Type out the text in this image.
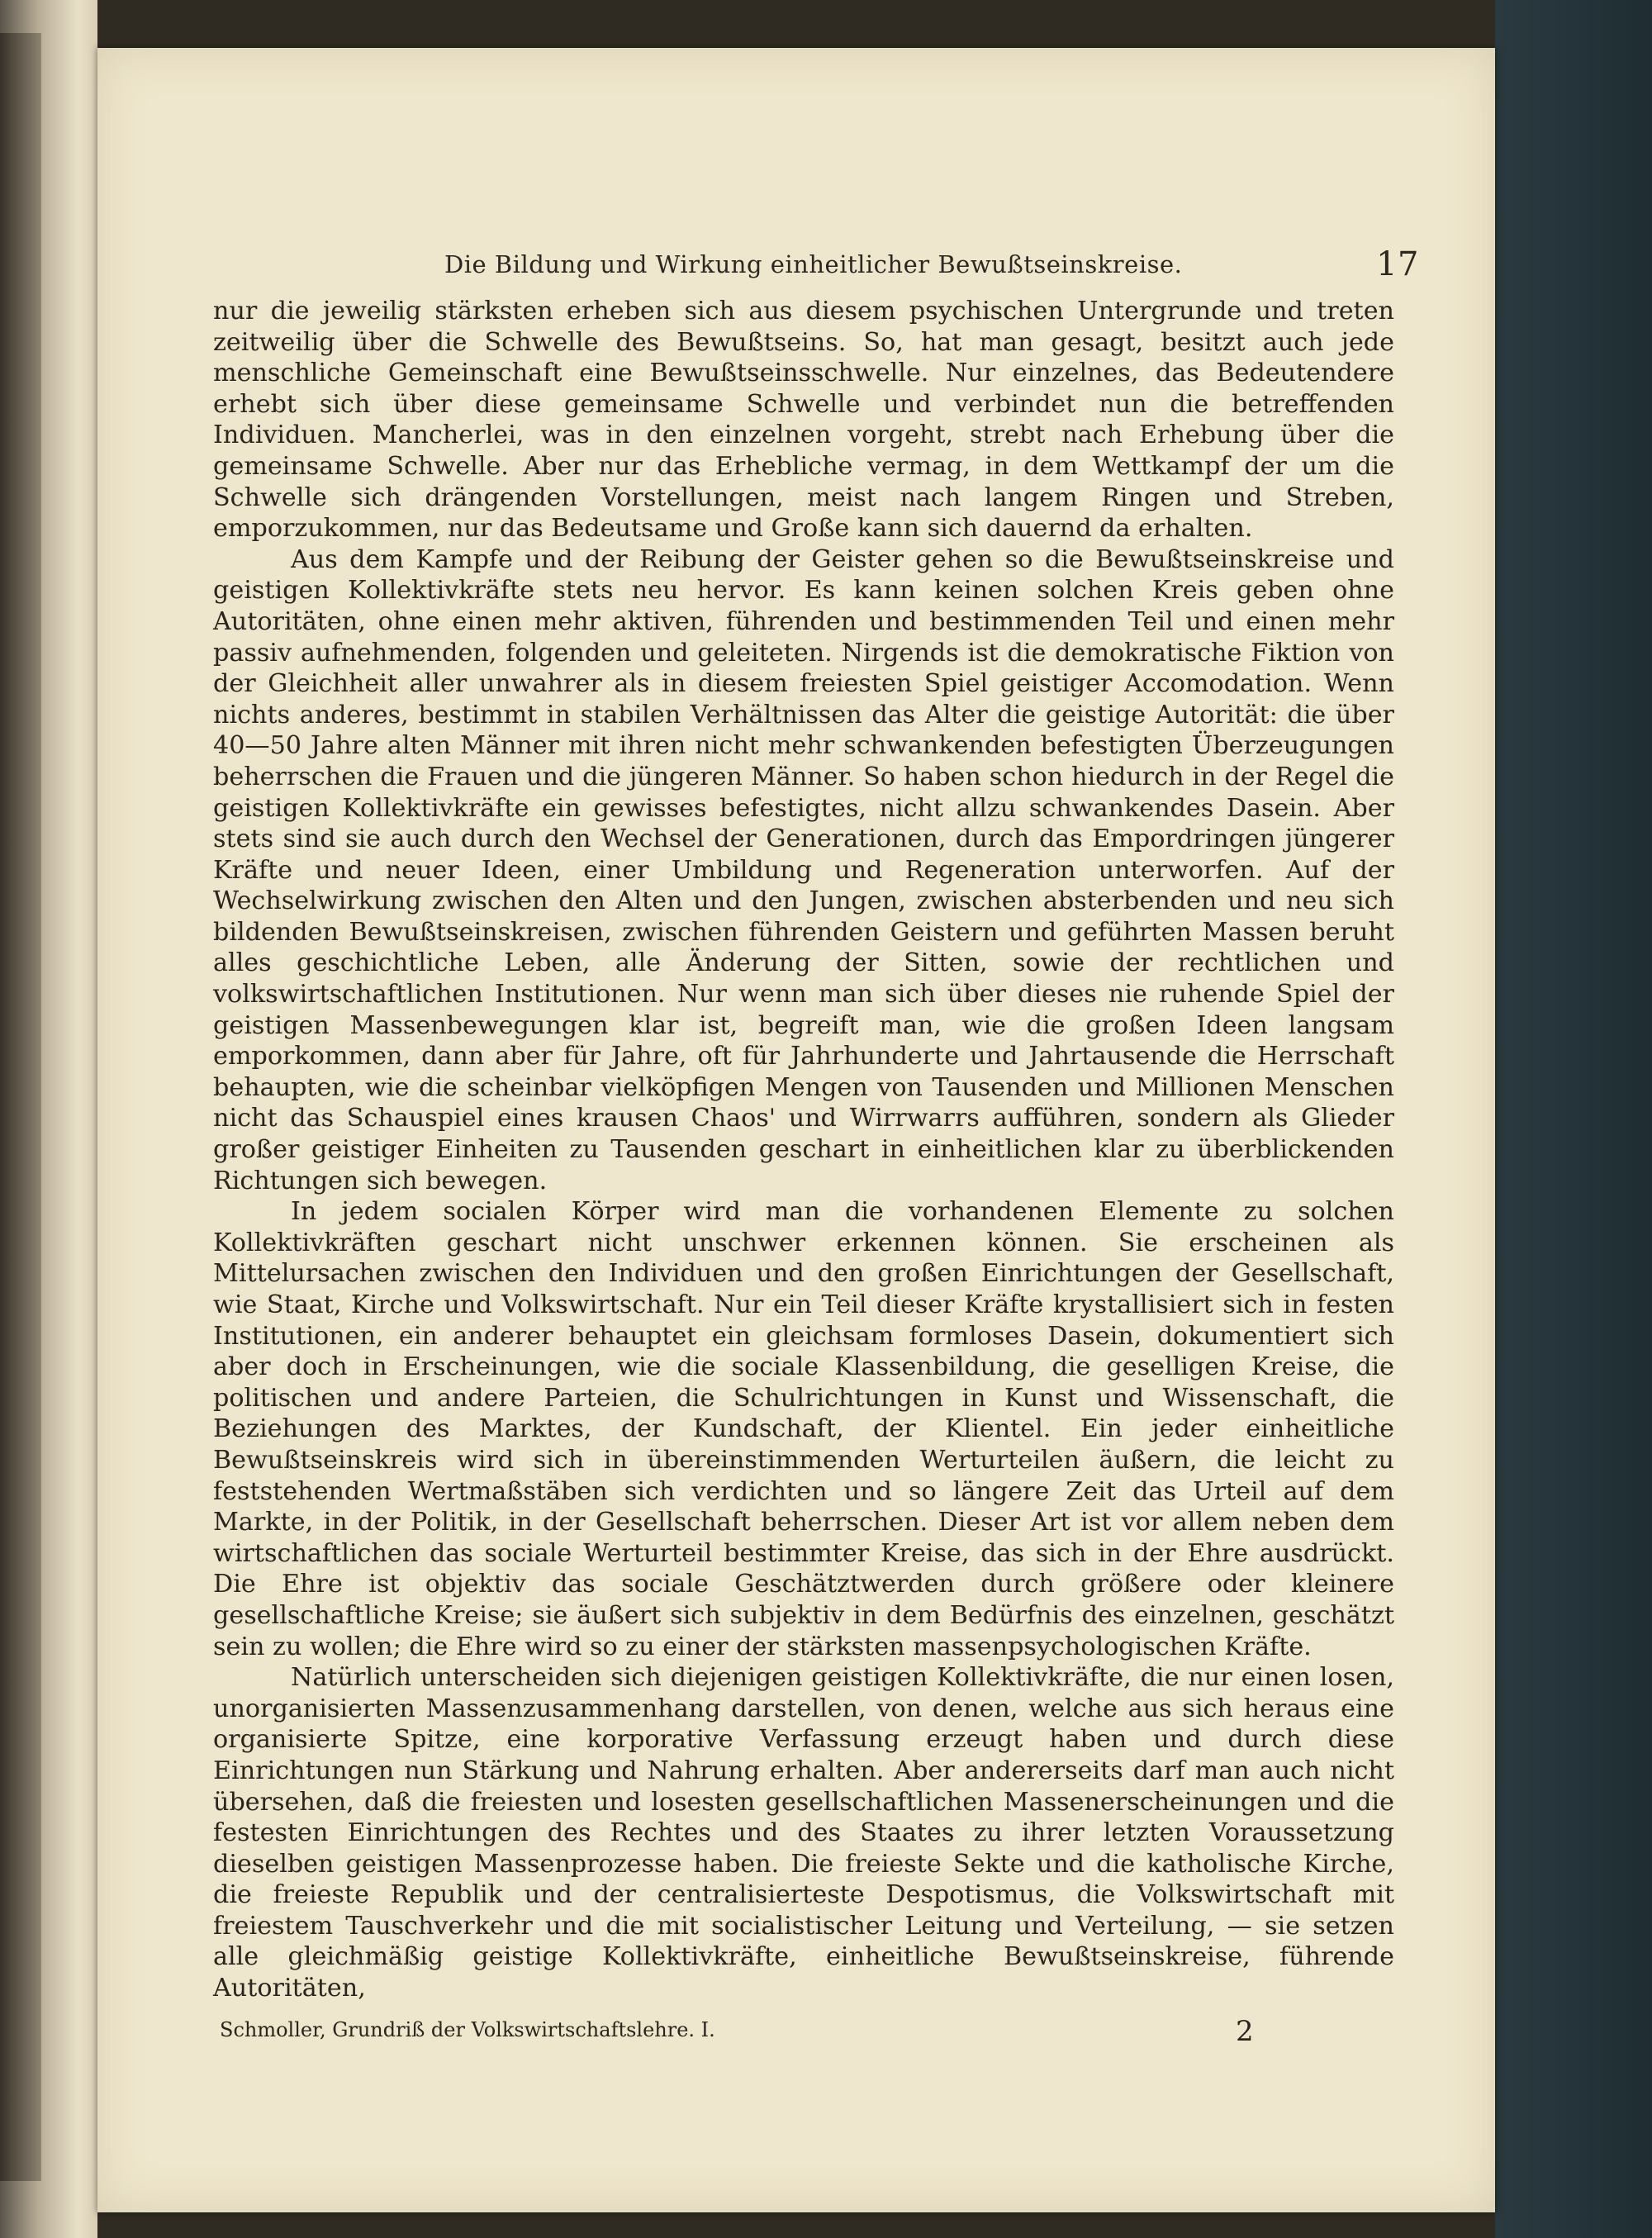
Die Bildung und Wirkung einheitlicher Bewußtseinskreise.	17

nur die jeweilig stärksten erheben sich aus diesem psychischen Untergrunde und treten zeitweilig über die Schwelle des Bewußtseins. So, hat man gesagt, besitzt auch jede menschliche Gemeinschaft eine Bewußtseinsschwelle. Nur einzelnes, das Bedeutendere erhebt sich über diese gemeinsame Schwelle und verbindet nun die betreffenden Individuen. Mancherlei, was in den einzelnen vorgeht, strebt nach Erhebung über die gemeinsame Schwelle. Aber nur das Erhebliche vermag, in dem Wettkampf der um die Schwelle sich drängenden Vorstellungen, meist nach langem Ringen und Streben, emporzukommen, nur das Bedeutsame und Große kann sich dauernd da erhalten.

Aus dem Kampfe und der Reibung der Geister gehen so die Bewußtseinskreise und geistigen Kollektivkräfte stets neu hervor. Es kann keinen solchen Kreis geben ohne Autoritäten, ohne einen mehr aktiven, führenden und bestimmenden Teil und einen mehr passiv aufnehmenden, folgenden und geleiteten. Nirgends ist die demokratische Fiktion von der Gleichheit aller unwahrer als in diesem freiesten Spiel geistiger Accomodation. Wenn nichts anderes, bestimmt in stabilen Verhältnissen das Alter die geistige Autorität: die über 40—50 Jahre alten Männer mit ihren nicht mehr schwankenden befestigten Überzeugungen beherrschen die Frauen und die jüngeren Männer. So haben schon hiedurch in der Regel die geistigen Kollektivkräfte ein gewisses befestigtes, nicht allzu schwankendes Dasein. Aber stets sind sie auch durch den Wechsel der Generationen, durch das Empordringen jüngerer Kräfte und neuer Ideen, einer Umbildung und Regeneration unterworfen. Auf der Wechselwirkung zwischen den Alten und den Jungen, zwischen absterbenden und neu sich bildenden Bewußtseinskreisen, zwischen führenden Geistern und geführten Massen beruht alles geschichtliche Leben, alle Änderung der Sitten, sowie der rechtlichen und volkswirtschaftlichen Institutionen. Nur wenn man sich über dieses nie ruhende Spiel der geistigen Massenbewegungen klar ist, begreift man, wie die großen Ideen langsam emporkommen, dann aber für Jahre, oft für Jahrhunderte und Jahrtausende die Herrschaft behaupten, wie die scheinbar vielköpfigen Mengen von Tausenden und Millionen Menschen nicht das Schauspiel eines krausen Chaos' und Wirrwarrs aufführen, sondern als Glieder großer geistiger Einheiten zu Tausenden geschart in einheitlichen klar zu überblickenden Richtungen sich bewegen.

In jedem socialen Körper wird man die vorhandenen Elemente zu solchen Kollektivkräften geschart nicht unschwer erkennen können. Sie erscheinen als Mittelursachen zwischen den Individuen und den großen Einrichtungen der Gesellschaft, wie Staat, Kirche und Volkswirtschaft. Nur ein Teil dieser Kräfte krystallisiert sich in festen Institutionen, ein anderer behauptet ein gleichsam formloses Dasein, dokumentiert sich aber doch in Erscheinungen, wie die sociale Klassenbildung, die geselligen Kreise, die politischen und andere Parteien, die Schulrichtungen in Kunst und Wissenschaft, die Beziehungen des Marktes, der Kundschaft, der Klientel. Ein jeder einheitliche Bewußtseinskreis wird sich in übereinstimmenden Werturteilen äußern, die leicht zu feststehenden Wertmaßstäben sich verdichten und so längere Zeit das Urteil auf dem Markte, in der Politik, in der Gesellschaft beherrschen. Dieser Art ist vor allem neben dem wirtschaftlichen das sociale Werturteil bestimmter Kreise, das sich in der Ehre ausdrückt. Die Ehre ist objektiv das sociale Geschätztwerden durch größere oder kleinere gesellschaftliche Kreise; sie äußert sich subjektiv in dem Bedürfnis des einzelnen, geschätzt sein zu wollen; die Ehre wird so zu einer der stärksten massenpsychologischen Kräfte.

Natürlich unterscheiden sich diejenigen geistigen Kollektivkräfte, die nur einen losen, unorganisierten Massenzusammenhang darstellen, von denen, welche aus sich heraus eine organisierte Spitze, eine korporative Verfassung erzeugt haben und durch diese Einrichtungen nun Stärkung und Nahrung erhalten. Aber andererseits darf man auch nicht übersehen, daß die freiesten und losesten gesellschaftlichen Massenerscheinungen und die festesten Einrichtungen des Rechtes und des Staates zu ihrer letzten Voraussetzung dieselben geistigen Massenprozesse haben. Die freieste Sekte und die katholische Kirche, die freieste Republik und der centralisierteste Despotismus, die Volkswirtschaft mit freiestem Tauschverkehr und die mit socialistischer Leitung und Verteilung, — sie setzen alle gleichmäßig geistige Kollektivkräfte, einheitliche Bewußtseinskreise, führende Autoritäten,

Schmoller, Grundriß der Volkswirtschaftslehre. I.	2
